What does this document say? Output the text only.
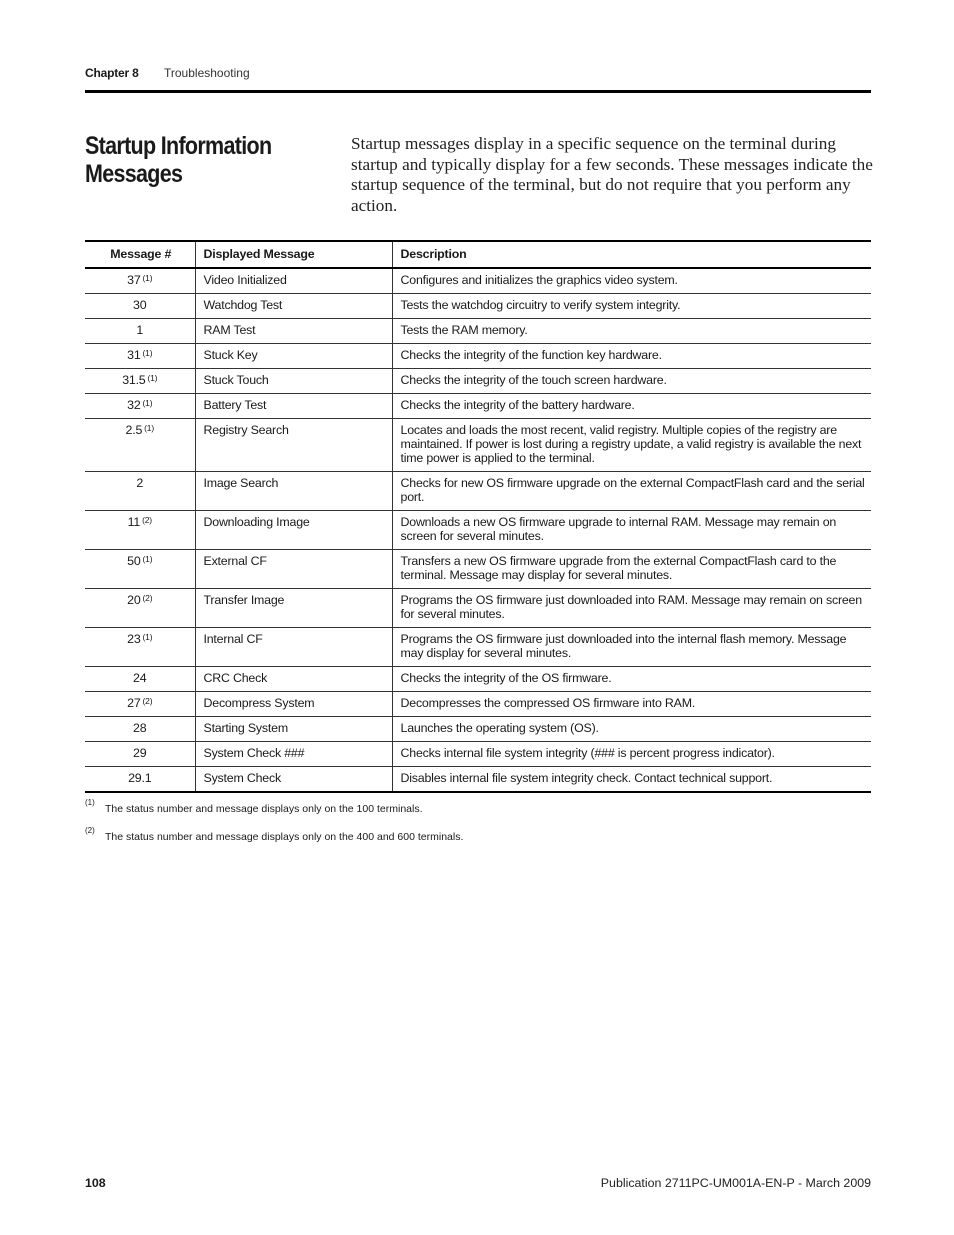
Chapter 8 Troubleshooting
Startup Information
Messages
Startup messages display in a specific sequence on the terminal during startup and typically display for a few seconds. These messages indicate the startup sequence of the terminal, but do not require that you perform any action.
Message #	Displayed Message	Description
37 $^{(1)}$	Video Initialized	Configures and initializes the graphics video system.
30	Watchdog Test	Tests the watchdog circuitry to verify system integrity.
1	RAM Test	Tests the RAM memory.
31 $^{(1)}$	Stuck Key	Checks the integrity of the function key hardware.
31.5 $^{(1)}$	Stuck Touch	Checks the integrity of the touch screen hardware.
32 $^{(1)}$	Battery Test	Checks the integrity of the battery hardware.
2.5 $^{(1)}$	Registry Search	Locates and loads the most recent, valid registry. Multiple copies of the registry are maintained. If power is lost during a registry update, a valid registry is available the next time power is applied to the terminal.
2	Image Search	Checks for new OS firmware upgrade on the external CompactFlash card and the serial port.
11 $^{(2)}$	Downloading Image	Downloads a new OS firmware upgrade to internal RAM. Message may remain on screen for several minutes.
50 $^{(1)}$	External CF	Transfers a new OS firmware upgrade from the external CompactFlash card to the terminal. Message may display for several minutes.
20 $^{(2)}$	Transfer Image	Programs the OS firmware just downloaded into RAM. Message may remain on screen for several minutes.
23 $^{(1)}$	Internal CF	Programs the OS firmware just downloaded into the internal flash memory. Message may display for several minutes.
24	CRC Check	Checks the integrity of the OS firmware.
27 $^{(2)}$	Decompress System	Decompresses the compressed OS firmware into RAM.
28	Starting System	Launches the operating system (OS).
29	System Check ###	Checks internal file system integrity (### is percent progress indicator).
29.1	System Check	Disables internal file system integrity check. Contact technical support.
(1)
The status number and message displays only on the 100 terminals.
(2)
The status number and message displays only on the 400 and 600 terminals.
108	Publication 2711PC-UM001A-EN-P - March 2009
